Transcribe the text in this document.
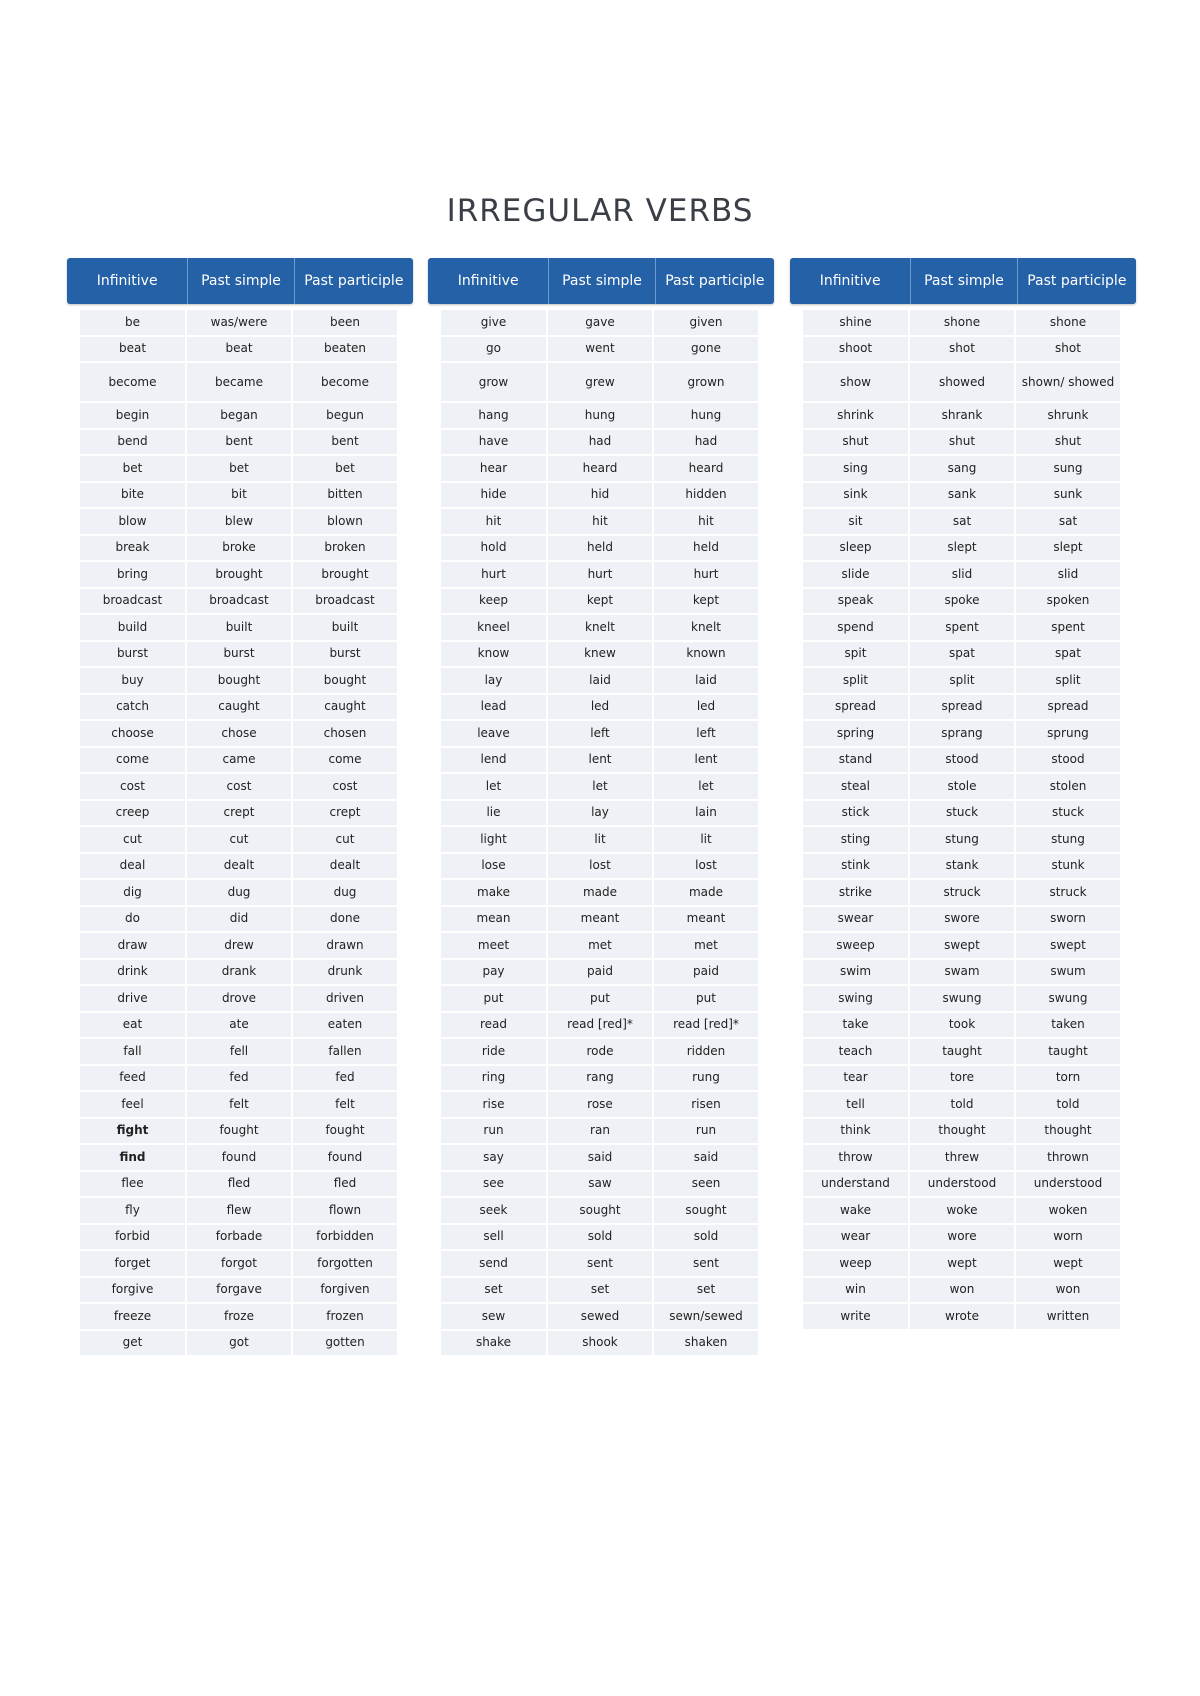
IRREGULAR VERBS
Infinitive	Past simple	Past participle
be	was/were	been
beat	beat	beaten
become	became	become
begin	began	begun
bend	bent	bent
bet	bet	bet
bite	bit	bitten
blow	blew	blown
break	broke	broken
bring	brought	brought
broadcast	broadcast	broadcast
build	built	built
burst	burst	burst
buy	bought	bought
catch	caught	caught
choose	chose	chosen
come	came	come
cost	cost	cost
creep	crept	crept
cut	cut	cut
deal	dealt	dealt
dig	dug	dug
do	did	done
draw	drew	drawn
drink	drank	drunk
drive	drove	driven
eat	ate	eaten
fall	fell	fallen
feed	fed	fed
feel	felt	felt
fight	fought	fought
find	found	found
flee	fled	fled
fly	flew	flown
forbid	forbade	forbidden
forget	forgot	forgotten
forgive	forgave	forgiven
freeze	froze	frozen
get	got	gotten
Infinitive	Past simple	Past participle
give	gave	given
go	went	gone
grow	grew	grown
hang	hung	hung
have	had	had
hear	heard	heard
hide	hid	hidden
hit	hit	hit
hold	held	held
hurt	hurt	hurt
keep	kept	kept
kneel	knelt	knelt
know	knew	known
lay	laid	laid
lead	led	led
leave	left	left
lend	lent	lent
let	let	let
lie	lay	lain
light	lit	lit
lose	lost	lost
make	made	made
mean	meant	meant
meet	met	met
pay	paid	paid
put	put	put
read	read [red]*	read [red]*
ride	rode	ridden
ring	rang	rung
rise	rose	risen
run	ran	run
say	said	said
see	saw	seen
seek	sought	sought
sell	sold	sold
send	sent	sent
set	set	set
sew	sewed	sewn/sewed
shake	shook	shaken
Infinitive	Past simple	Past participle
shine	shone	shone
shoot	shot	shot
show	showed	shown/ showed
shrink	shrank	shrunk
shut	shut	shut
sing	sang	sung
sink	sank	sunk
sit	sat	sat
sleep	slept	slept
slide	slid	slid
speak	spoke	spoken
spend	spent	spent
spit	spat	spat
split	split	split
spread	spread	spread
spring	sprang	sprung
stand	stood	stood
steal	stole	stolen
stick	stuck	stuck
sting	stung	stung
stink	stank	stunk
strike	struck	struck
swear	swore	sworn
sweep	swept	swept
swim	swam	swum
swing	swung	swung
take	took	taken
teach	taught	taught
tear	tore	torn
tell	told	told
think	thought	thought
throw	threw	thrown
understand	understood	understood
wake	woke	woken
wear	wore	worn
weep	wept	wept
win	won	won
write	wrote	written
